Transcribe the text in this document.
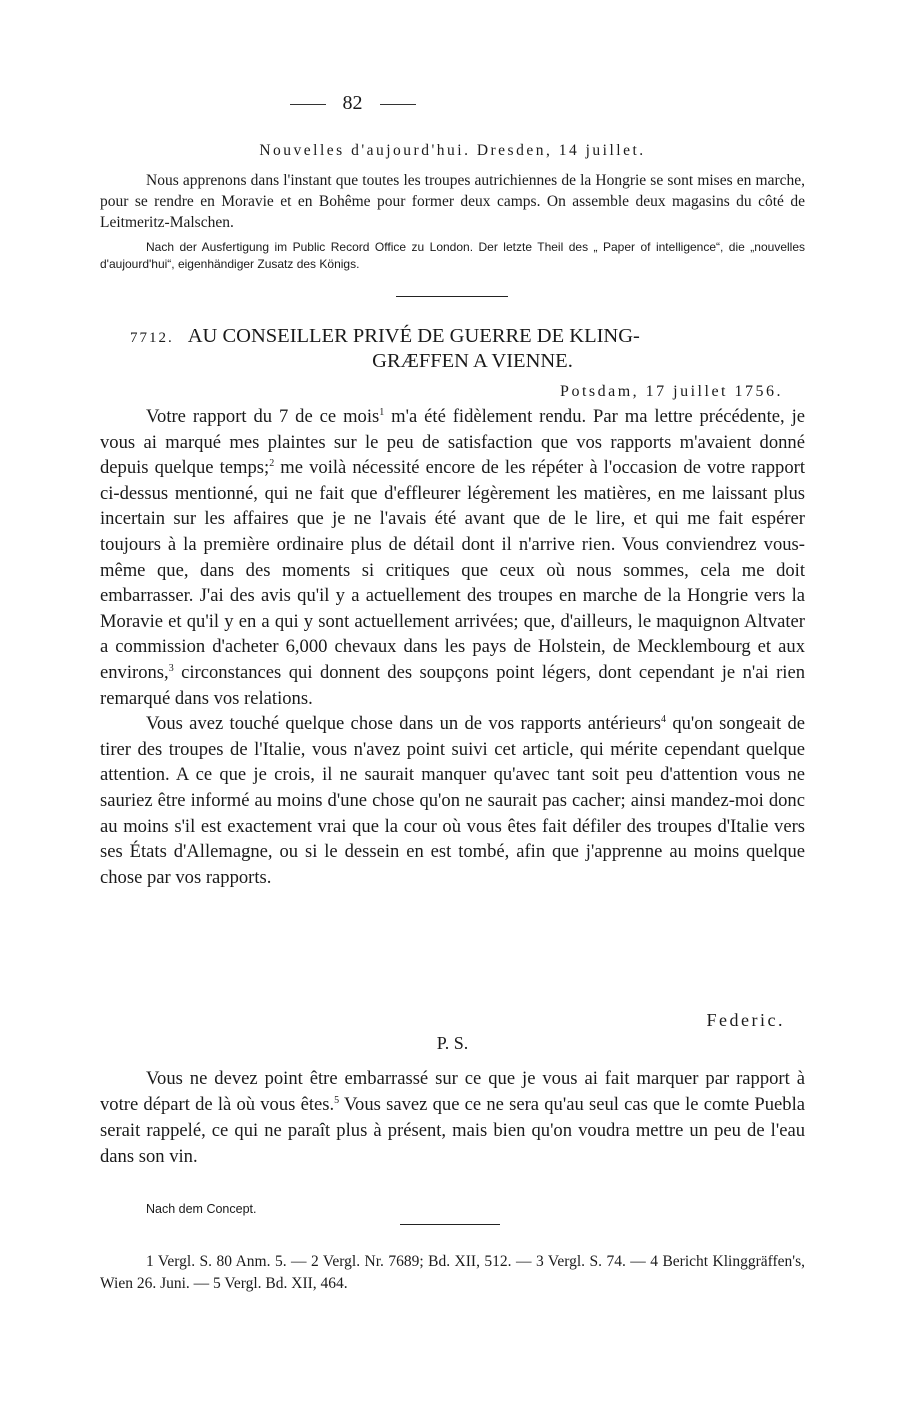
82
Nouvelles d'aujourd'hui. Dresden, 14 juillet.

Nous apprenons dans l'instant que toutes les troupes autrichiennes de la Hongrie se sont mises en marche, pour se rendre en Moravie et en Bohême pour former deux camps. On assemble deux magasins du côté de Leitmeritz-Malschen.

Nach der Ausfertigung im Public Record Office zu London. Der letzte Theil des „ Paper of intelligence“, die „nouvelles d'aujourd'hui“, eigenhändiger Zusatz des Königs.

7712. AU CONSEILLER PRIVÉ DE GUERRE DE KLING-
GRÆFFEN A VIENNE.
Potsdam, 17 juillet 1756.

Votre rapport du 7 de ce mois$^1$ m'a été fidèlement rendu. Par ma lettre précédente, je vous ai marqué mes plaintes sur le peu de satisfaction que vos rapports m'avaient donné depuis quelque temps;$^2$ me voilà nécessité encore de les répéter à l'occasion de votre rapport ci-dessus mentionné, qui ne fait que d'effleurer légèrement les matières, en me laissant plus incertain sur les affaires que je ne l'avais été avant que de le lire, et qui me fait espérer toujours à la première ordinaire plus de détail dont il n'arrive rien. Vous conviendrez vous-même que, dans des moments si critiques que ceux où nous sommes, cela me doit embarrasser. J'ai des avis qu'il y a actuellement des troupes en marche de la Hongrie vers la Moravie et qu'il y en a qui y sont actuellement arrivées; que, d'ailleurs, le maquignon Altvater a commission d'acheter 6,000 chevaux dans les pays de Holstein, de Mecklembourg et aux environs,$^3$ circonstances qui donnent des soupçons point légers, dont cependant je n'ai rien remarqué dans vos relations.

Vous avez touché quelque chose dans un de vos rapports antérieurs$^4$ qu'on songeait de tirer des troupes de l'Italie, vous n'avez point suivi cet article, qui mérite cependant quelque attention. A ce que je crois, il ne saurait manquer qu'avec tant soit peu d'attention vous ne sauriez être informé au moins d'une chose qu'on ne saurait pas cacher; ainsi mandez-moi donc au moins s'il est exactement vrai que la cour où vous êtes fait défiler des troupes d'Italie vers ses États d'Allemagne, ou si le dessein en est tombé, afin que j'apprenne au moins quelque chose par vos rapports.

Federic.
P. S.

Vous ne devez point être embarrassé sur ce que je vous ai fait marquer par rapport à votre départ de là où vous êtes.$^5$ Vous savez que ce ne sera qu'au seul cas que le comte Puebla serait rappelé, ce qui ne paraît plus à présent, mais bien qu'on voudra mettre un peu de l'eau dans son vin.

Nach dem Concept.

1 Vergl. S. 80 Anm. 5. — 2 Vergl. Nr. 7689; Bd. XII, 512. — 3 Vergl. S. 74. — 4 Bericht Klinggräffen's, Wien 26. Juni. — 5 Vergl. Bd. XII, 464.
